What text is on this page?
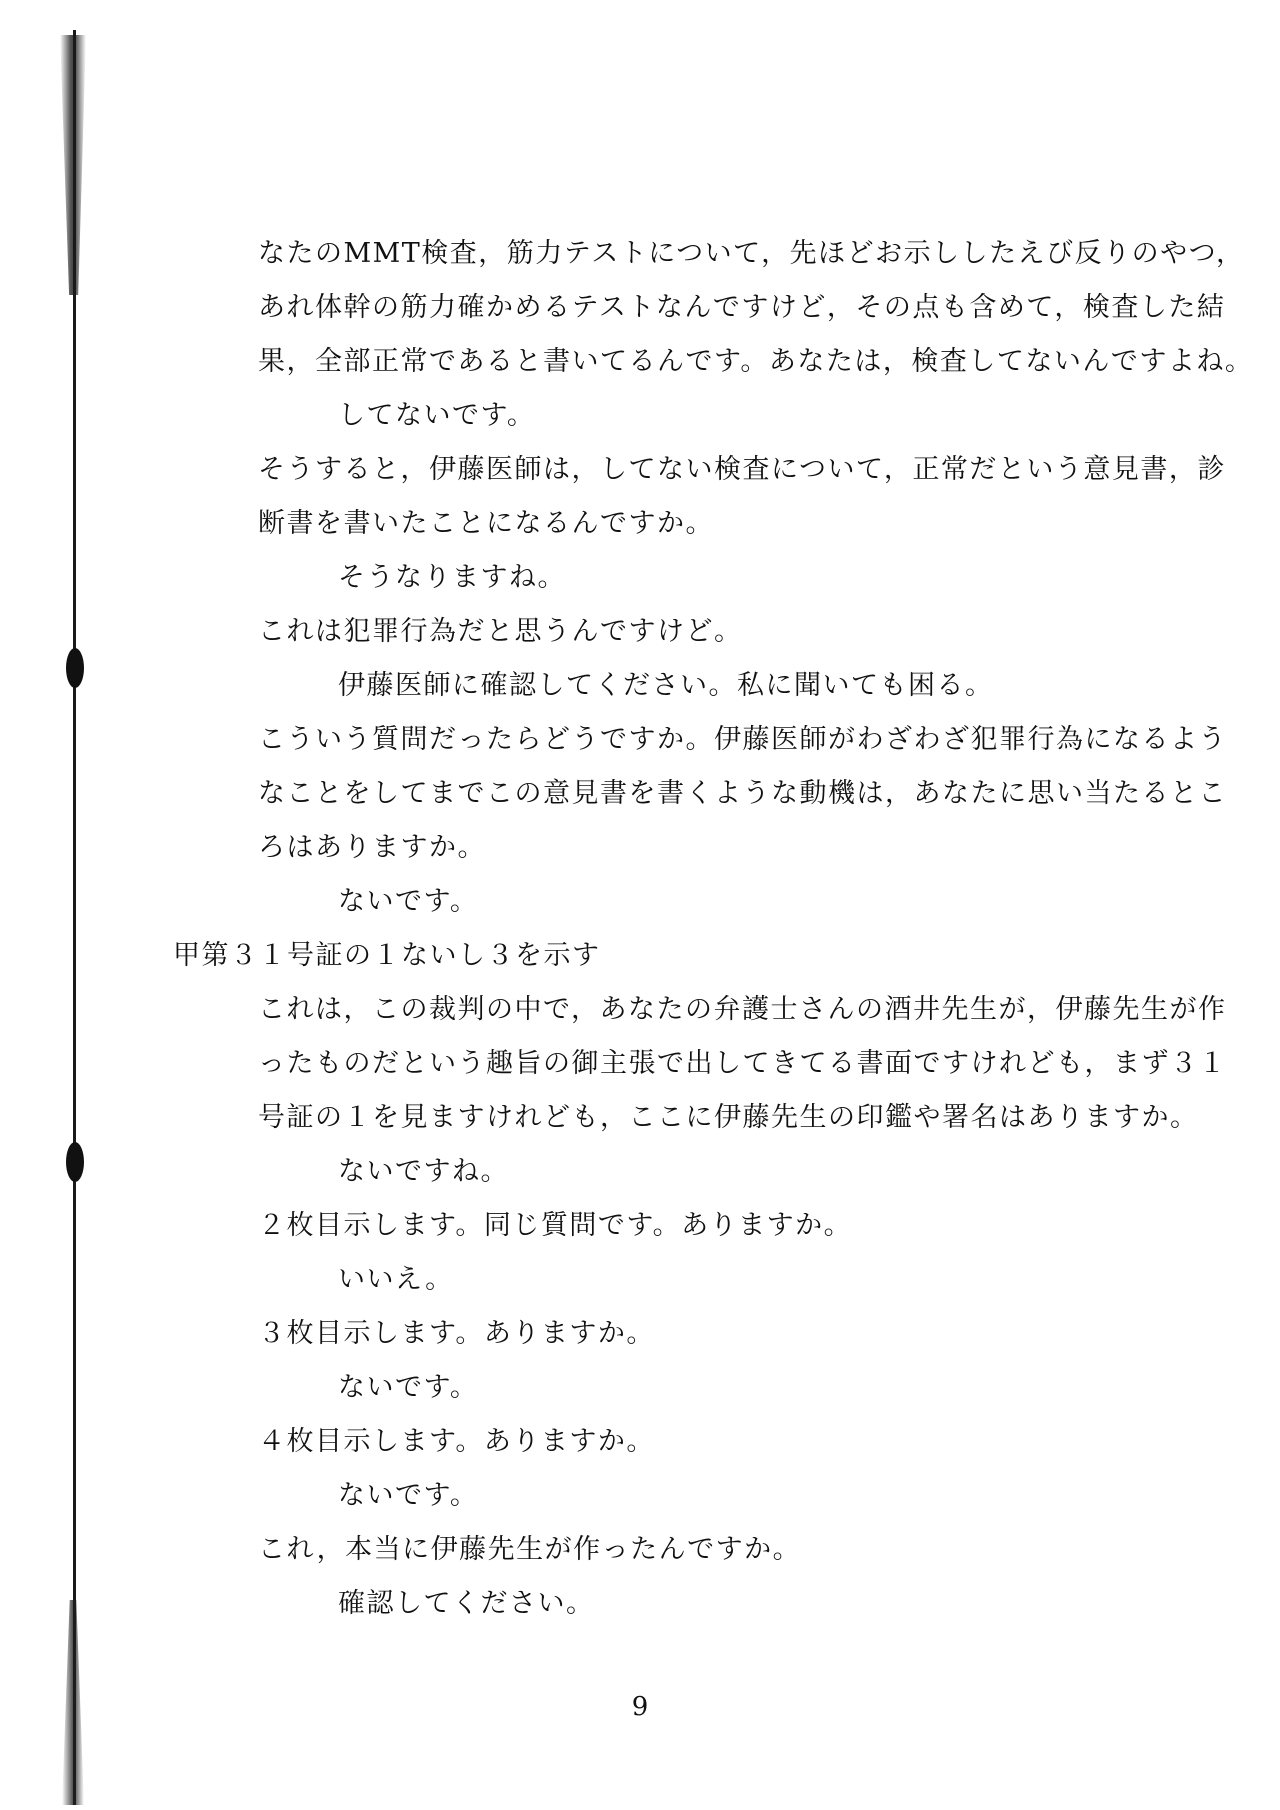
なたのMMT検査，筋力テストについて，先ほどお示ししたえび反りのやつ，
あれ体幹の筋力確かめるテストなんですけど，その点も含めて，検査した結
果，全部正常であると書いてるんです。あなたは，検査してないんですよね。
してないです。
そうすると，伊藤医師は，してない検査について，正常だという意見書，診
断書を書いたことになるんですか。
そうなりますね。
これは犯罪行為だと思うんですけど。
伊藤医師に確認してください。私に聞いても困る。
こういう質問だったらどうですか。伊藤医師がわざわざ犯罪行為になるよう
なことをしてまでこの意見書を書くような動機は，あなたに思い当たるとこ
ろはありますか。
ないです。
甲第３１号証の１ないし３を示す
これは，この裁判の中で，あなたの弁護士さんの酒井先生が，伊藤先生が作
ったものだという趣旨の御主張で出してきてる書面ですけれども，まず３１
号証の１を見ますけれども，ここに伊藤先生の印鑑や署名はありますか。
ないですね。
２枚目示します。同じ質問です。ありますか。
いいえ。
３枚目示します。ありますか。
ないです。
４枚目示します。ありますか。
ないです。
これ，本当に伊藤先生が作ったんですか。
確認してください。
9
